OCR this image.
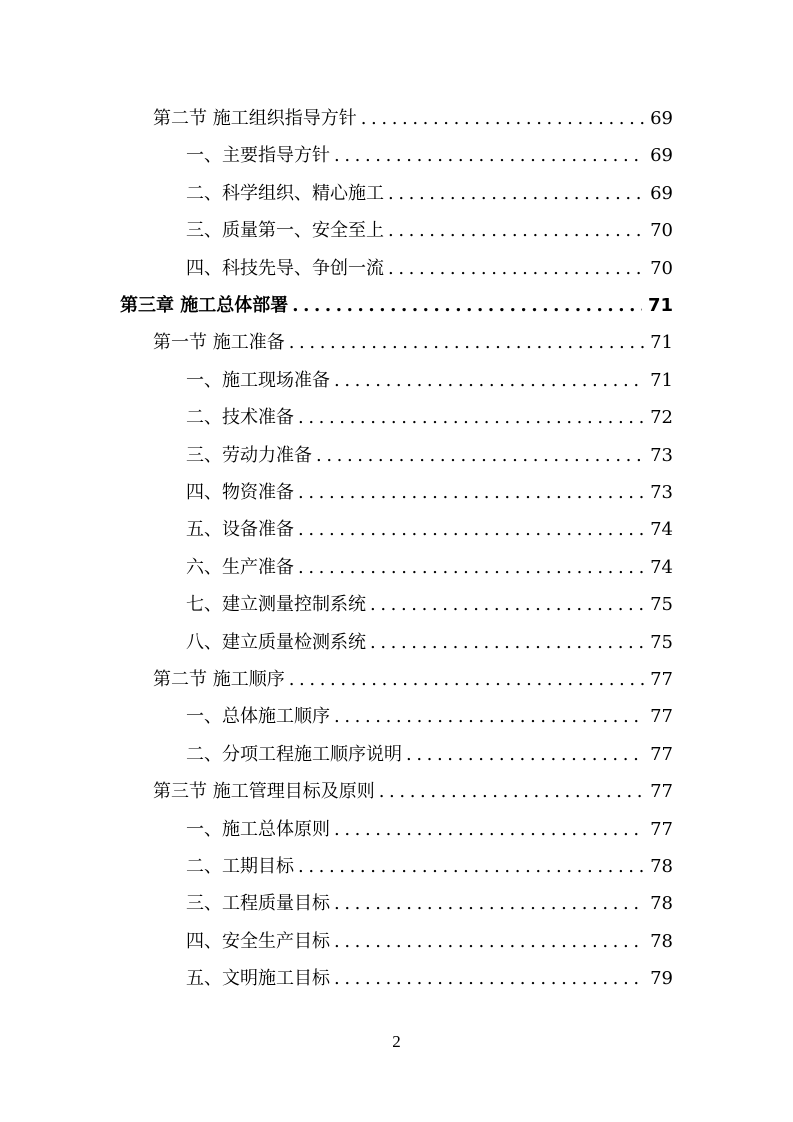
第二节 施工组织指导方针 .....	69
一、主要指导方针 .....	69
二、科学组织、精心施工 .....	69
三、质量第一、安全至上 .....	70
四、科技先导、争创一流 .....	70
第三章 施工总体部署 .....	71
第一节 施工准备 .....	71
一、施工现场准备 .....	71
二、技术准备 .....	72
三、劳动力准备 .....	73
四、物资准备 .....	73
五、设备准备 .....	74
六、生产准备 .....	74
七、建立测量控制系统 .....	75
八、建立质量检测系统 .....	75
第二节 施工顺序 .....	77
一、总体施工顺序 .....	77
二、分项工程施工顺序说明 .....	77
第三节 施工管理目标及原则 .....	77
一、施工总体原则 .....	77
二、工期目标 .....	78
三、工程质量目标 .....	78
四、安全生产目标 .....	78
五、文明施工目标 .....	79
2
